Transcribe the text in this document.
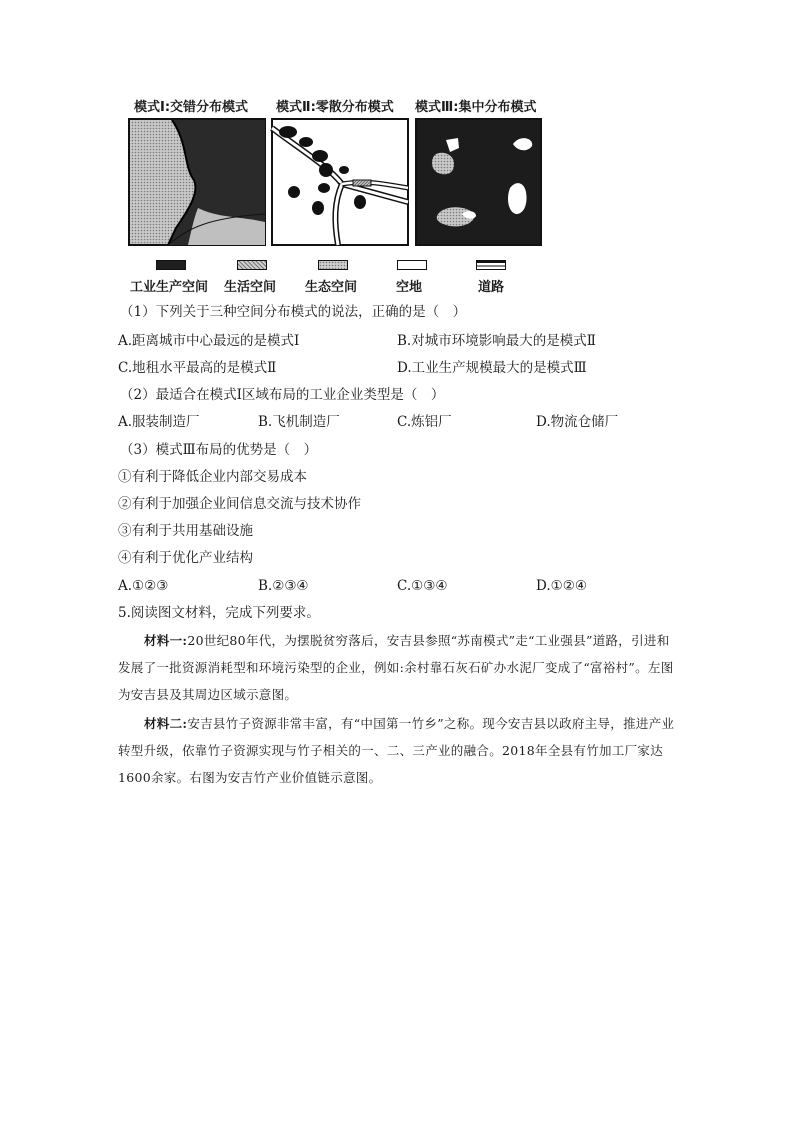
模式Ⅰ:交错分布模式 模式Ⅱ:零散分布模式 模式Ⅲ:集中分布模式
工业生产空间 生活空间 生态空间	空地	道路
（1）下列关于三种空间分布模式的说法，正确的是（　）
A.距离城市中心最远的是模式Ⅰ	B.对城市环境影响最大的是模式Ⅱ
C.地租水平最高的是模式Ⅱ	D.工业生产规模最大的是模式Ⅲ
（2）最适合在模式Ⅰ区域布局的工业企业类型是（　）
A.服装制造厂	B.飞机制造厂	C.炼铝厂	D.物流仓储厂
（3）模式Ⅲ布局的优势是（　）
①有利于降低企业内部交易成本
②有利于加强企业间信息交流与技术协作
③有利于共用基础设施
④有利于优化产业结构
A.①②③	B.②③④	C.①③④	D.①②④
5.阅读图文材料，完成下列要求。
材料一:20世纪80年代，为摆脱贫穷落后，安吉县参照“苏南模式”走“工业强县”道路，引进和发展了一批资源消耗型和环境污染型的企业，例如:余村靠石灰石矿办水泥厂变成了“富裕村”。左图为安吉县及其周边区域示意图。
材料二:安吉县竹子资源非常丰富，有“中国第一竹乡”之称。现今安吉县以政府主导，推进产业转型升级，依靠竹子资源实现与竹子相关的一、二、三产业的融合。2018年全县有竹加工厂家达1600余家。右图为安吉竹产业价值链示意图。
